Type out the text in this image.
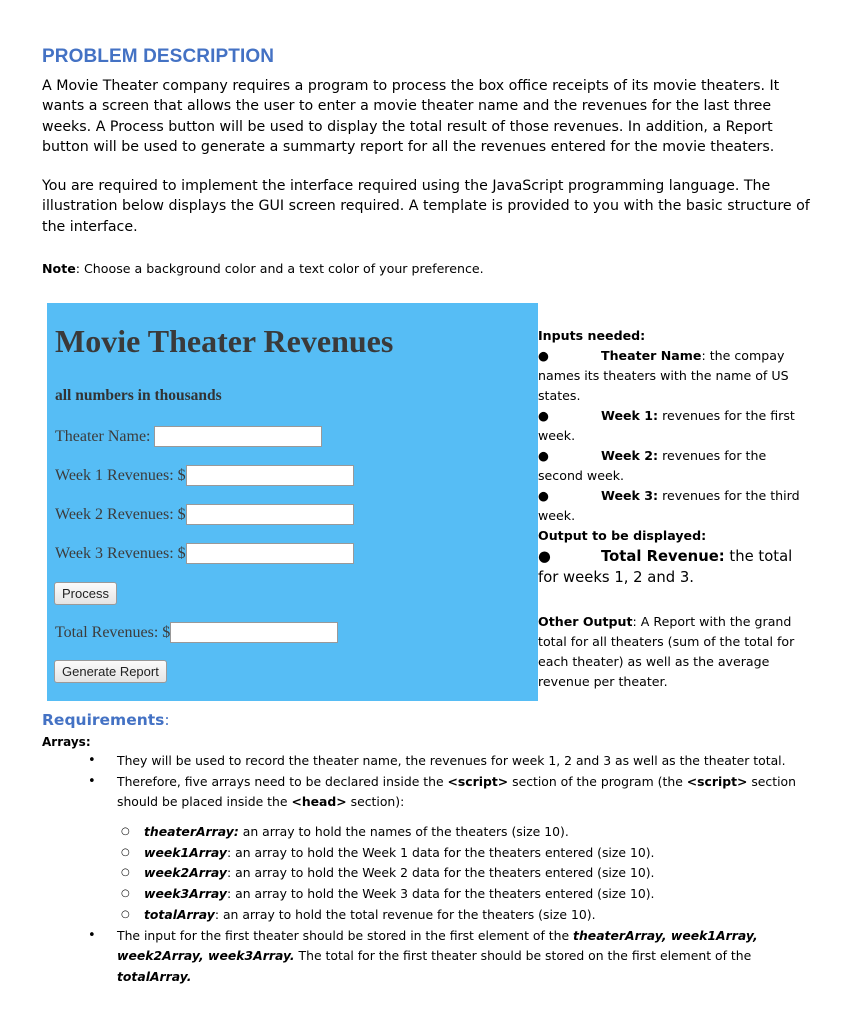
PROBLEM DESCRIPTION

A Movie Theater company requires a program to process the box office receipts of its movie theaters. It wants a screen that allows the user to enter a movie theater name and the revenues for the last three weeks. A Process button will be used to display the total result of those revenues. In addition, a Report button will be used to generate a summarty report for all the revenues entered for the movie theaters.

You are required to implement the interface required using the JavaScript programming language. The illustration below displays the GUI screen required. A template is provided to you with the basic structure of the interface.

Note: Choose a background color and a text color of your preference.

Movie Theater Revenues
all numbers in thousands
Theater Name:
Week 1 Revenues: $
Week 2 Revenues: $
Week 3 Revenues: $
Process
Total Revenues: $
Generate Report
Inputs needed:
●	Theater Name: the compay names its theaters with the name of US states.
●	Week 1: revenues for the first week.
●	Week 2: revenues for the second week.
●	Week 3: revenues for the third week.
Output to be displayed:
●	Total Revenue: the total for weeks 1, 2 and 3.
Other Output: A Report with the grand total for all theaters (sum of the total for each theater) as well as the average revenue per theater.
Requirements:

Arrays:

• They will be used to record the theater name, the revenues for week 1, 2 and 3 as well as the theater total.
• Therefore, five arrays need to be declared inside the <script> section of the program (the <script> section should be placed inside the <head> section):
○ theaterArray: an array to hold the names of the theaters (size 10).
○ week1Array: an array to hold the Week 1 data for the theaters entered (size 10).
○ week2Array: an array to hold the Week 2 data for the theaters entered (size 10).
○ week3Array: an array to hold the Week 3 data for the theaters entered (size 10).
○ totalArray: an array to hold the total revenue for the theaters (size 10).
• The input for the first theater should be stored in the first element of the theaterArray, week1Array, week2Array, week3Array. The total for the first theater should be stored on the first element of the totalArray.
